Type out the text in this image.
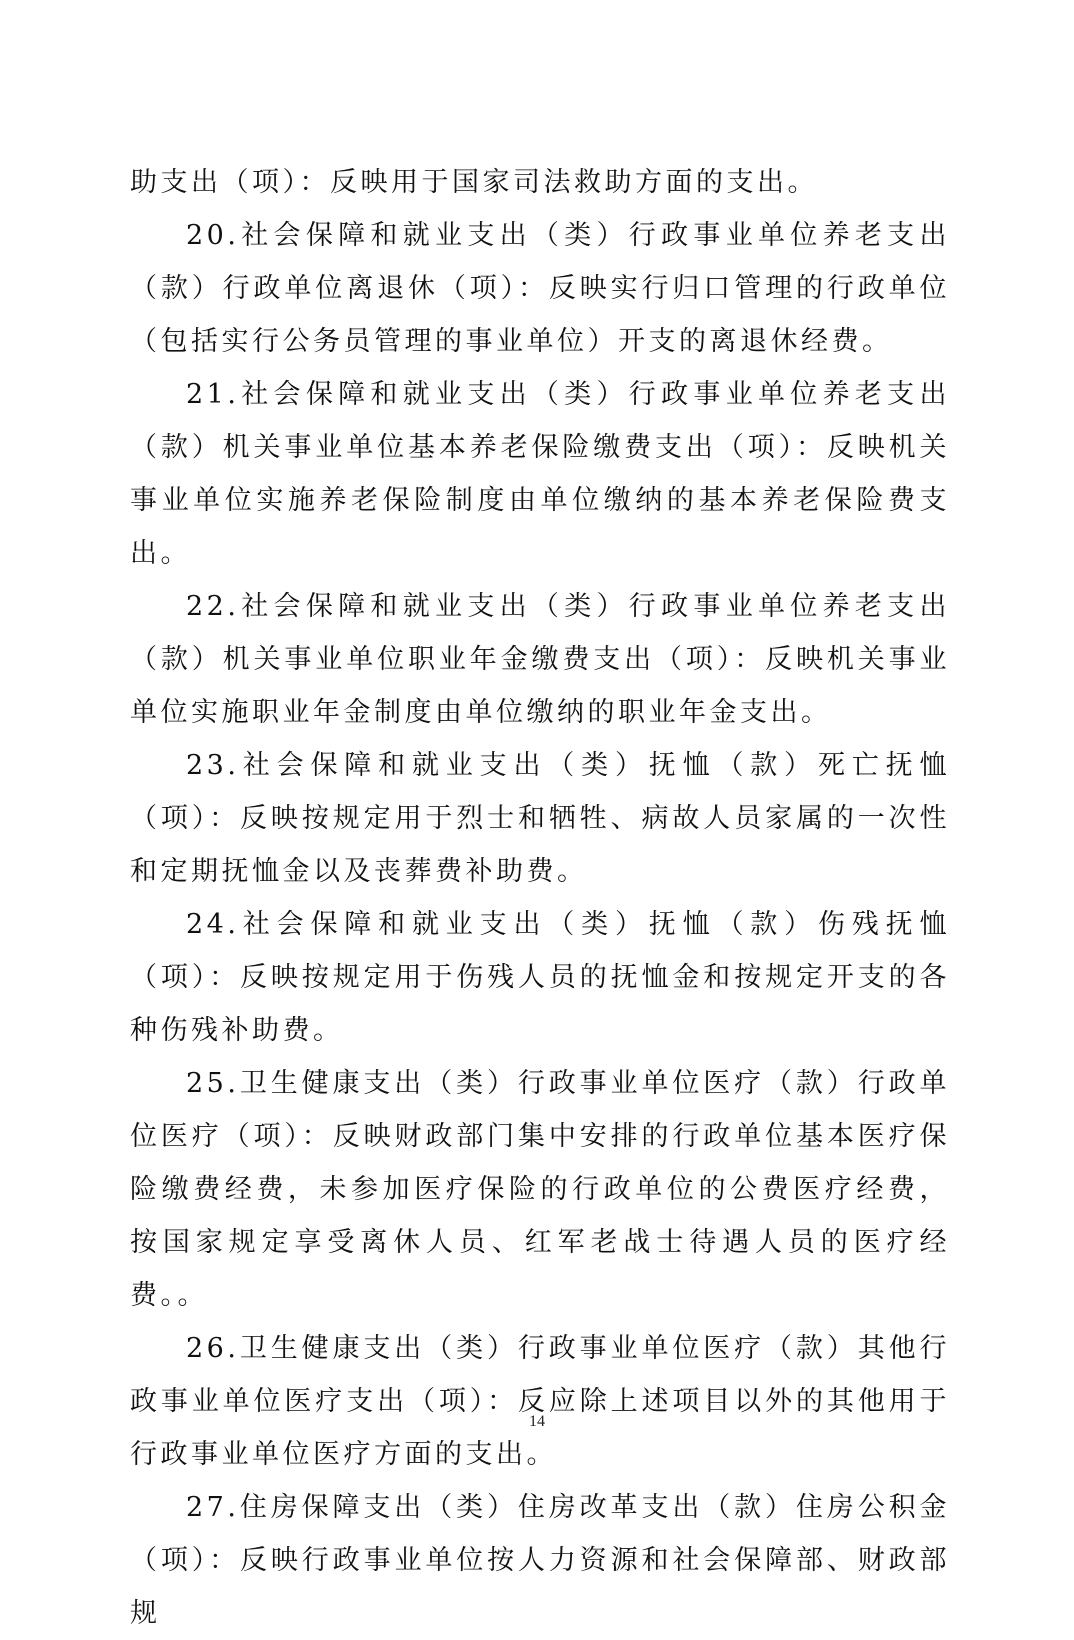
助支出（项）：反映用于国家司法救助方面的支出。

20.社会保障和就业支出（类）行政事业单位养老支出（款）行政单位离退休（项）：反映实行归口管理的行政单位（包括实行公务员管理的事业单位）开支的离退休经费。

21.社会保障和就业支出（类）行政事业单位养老支出（款）机关事业单位基本养老保险缴费支出（项）：反映机关事业单位实施养老保险制度由单位缴纳的基本养老保险费支出。

22.社会保障和就业支出（类）行政事业单位养老支出（款）机关事业单位职业年金缴费支出（项）：反映机关事业单位实施职业年金制度由单位缴纳的职业年金支出。

23.社会保障和就业支出（类）抚恤（款）死亡抚恤（项）：反映按规定用于烈士和牺牲、病故人员家属的一次性和定期抚恤金以及丧葬费补助费。

24.社会保障和就业支出（类）抚恤（款）伤残抚恤（项）：反映按规定用于伤残人员的抚恤金和按规定开支的各种伤残补助费。

25.卫生健康支出（类）行政事业单位医疗（款）行政单位医疗（项）：反映财政部门集中安排的行政单位基本医疗保险缴费经费，未参加医疗保险的行政单位的公费医疗经费，按国家规定享受离休人员、红军老战士待遇人员的医疗经费。。

26.卫生健康支出（类）行政事业单位医疗（款）其他行政事业单位医疗支出（项）：反应除上述项目以外的其他用于行政事业单位医疗方面的支出。

27.住房保障支出（类）住房改革支出（款）住房公积金（项）：反映行政事业单位按人力资源和社会保障部、财政部规

14
